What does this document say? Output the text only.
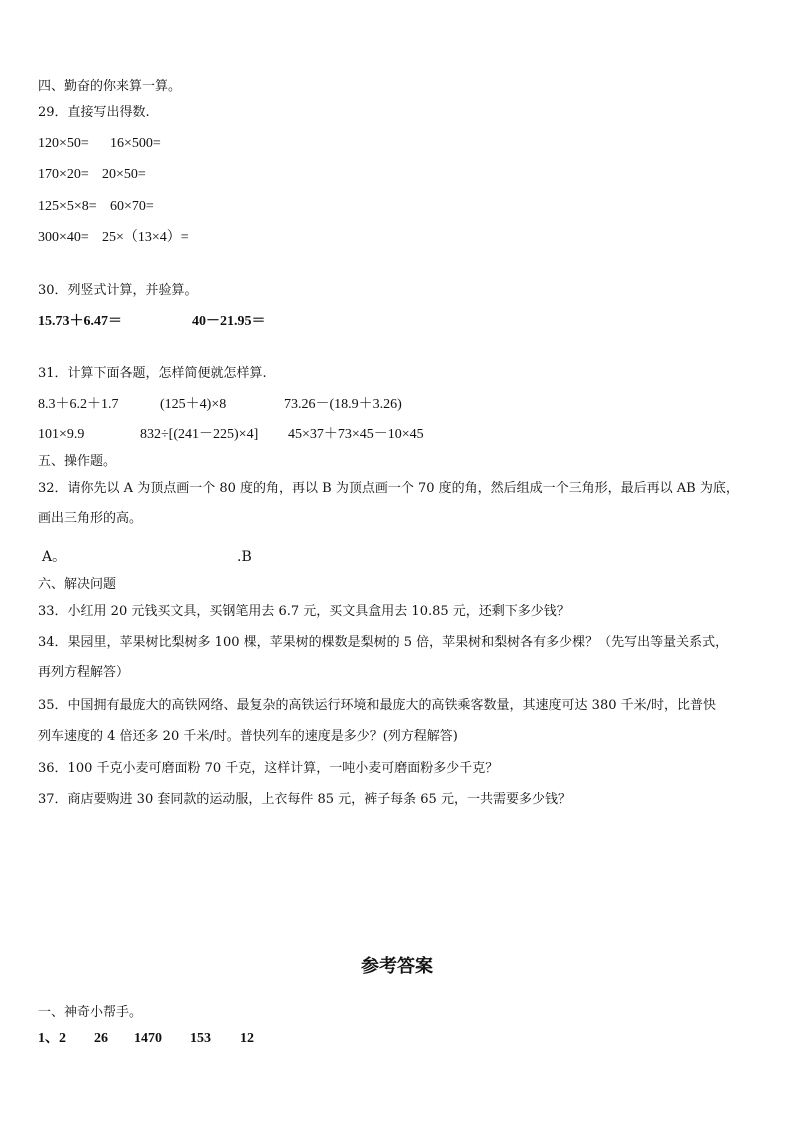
四、勤奋的你来算一算。
29．直接写出得数.
120×50= 16×500=
170×20= 20×50=
125×5×8= 60×70=
300×40= 25×（13×4）=
30．列竖式计算，并验算。
15.73＋6.47＝	40－21.95＝
31．计算下面各题，怎样简便就怎样算.
8.3＋6.2＋1.7	(125＋4)×8	73.26－(18.9＋3.26)
101×9.9	832÷[(241－225)×4] 45×37＋73×45－10×45
五、操作题。
32．请你先以 A 为顶点画一个 80 度的角，再以 B 为顶点画一个 70 度的角，然后组成一个三角形，最后再以 AB 为底，
画出三角形的高。
A。	.B
六、解决问题
33．小红用 20 元钱买文具，买钢笔用去 6.7 元，买文具盒用去 10.85 元，还剩下多少钱？
34．果园里，苹果树比梨树多 100 棵，苹果树的棵数是梨树的 5 倍，苹果树和梨树各有多少棵？（先写出等量关系式，
再列方程解答）
35．中国拥有最庞大的高铁网络、最复杂的高铁运行环境和最庞大的高铁乘客数量，其速度可达 380 千米/时，比普快
列车速度的 4 倍还多 20 千米/时。普快列车的速度是多少？(列方程解答)
36．100 千克小麦可磨面粉 70 千克，这样计算，一吨小麦可磨面粉多少千克？
37．商店要购进 30 套同款的运动服，上衣每件 85 元，裤子每条 65 元，一共需要多少钱？
参考答案
一、神奇小帮手。
1、2 26 1470 153 12
